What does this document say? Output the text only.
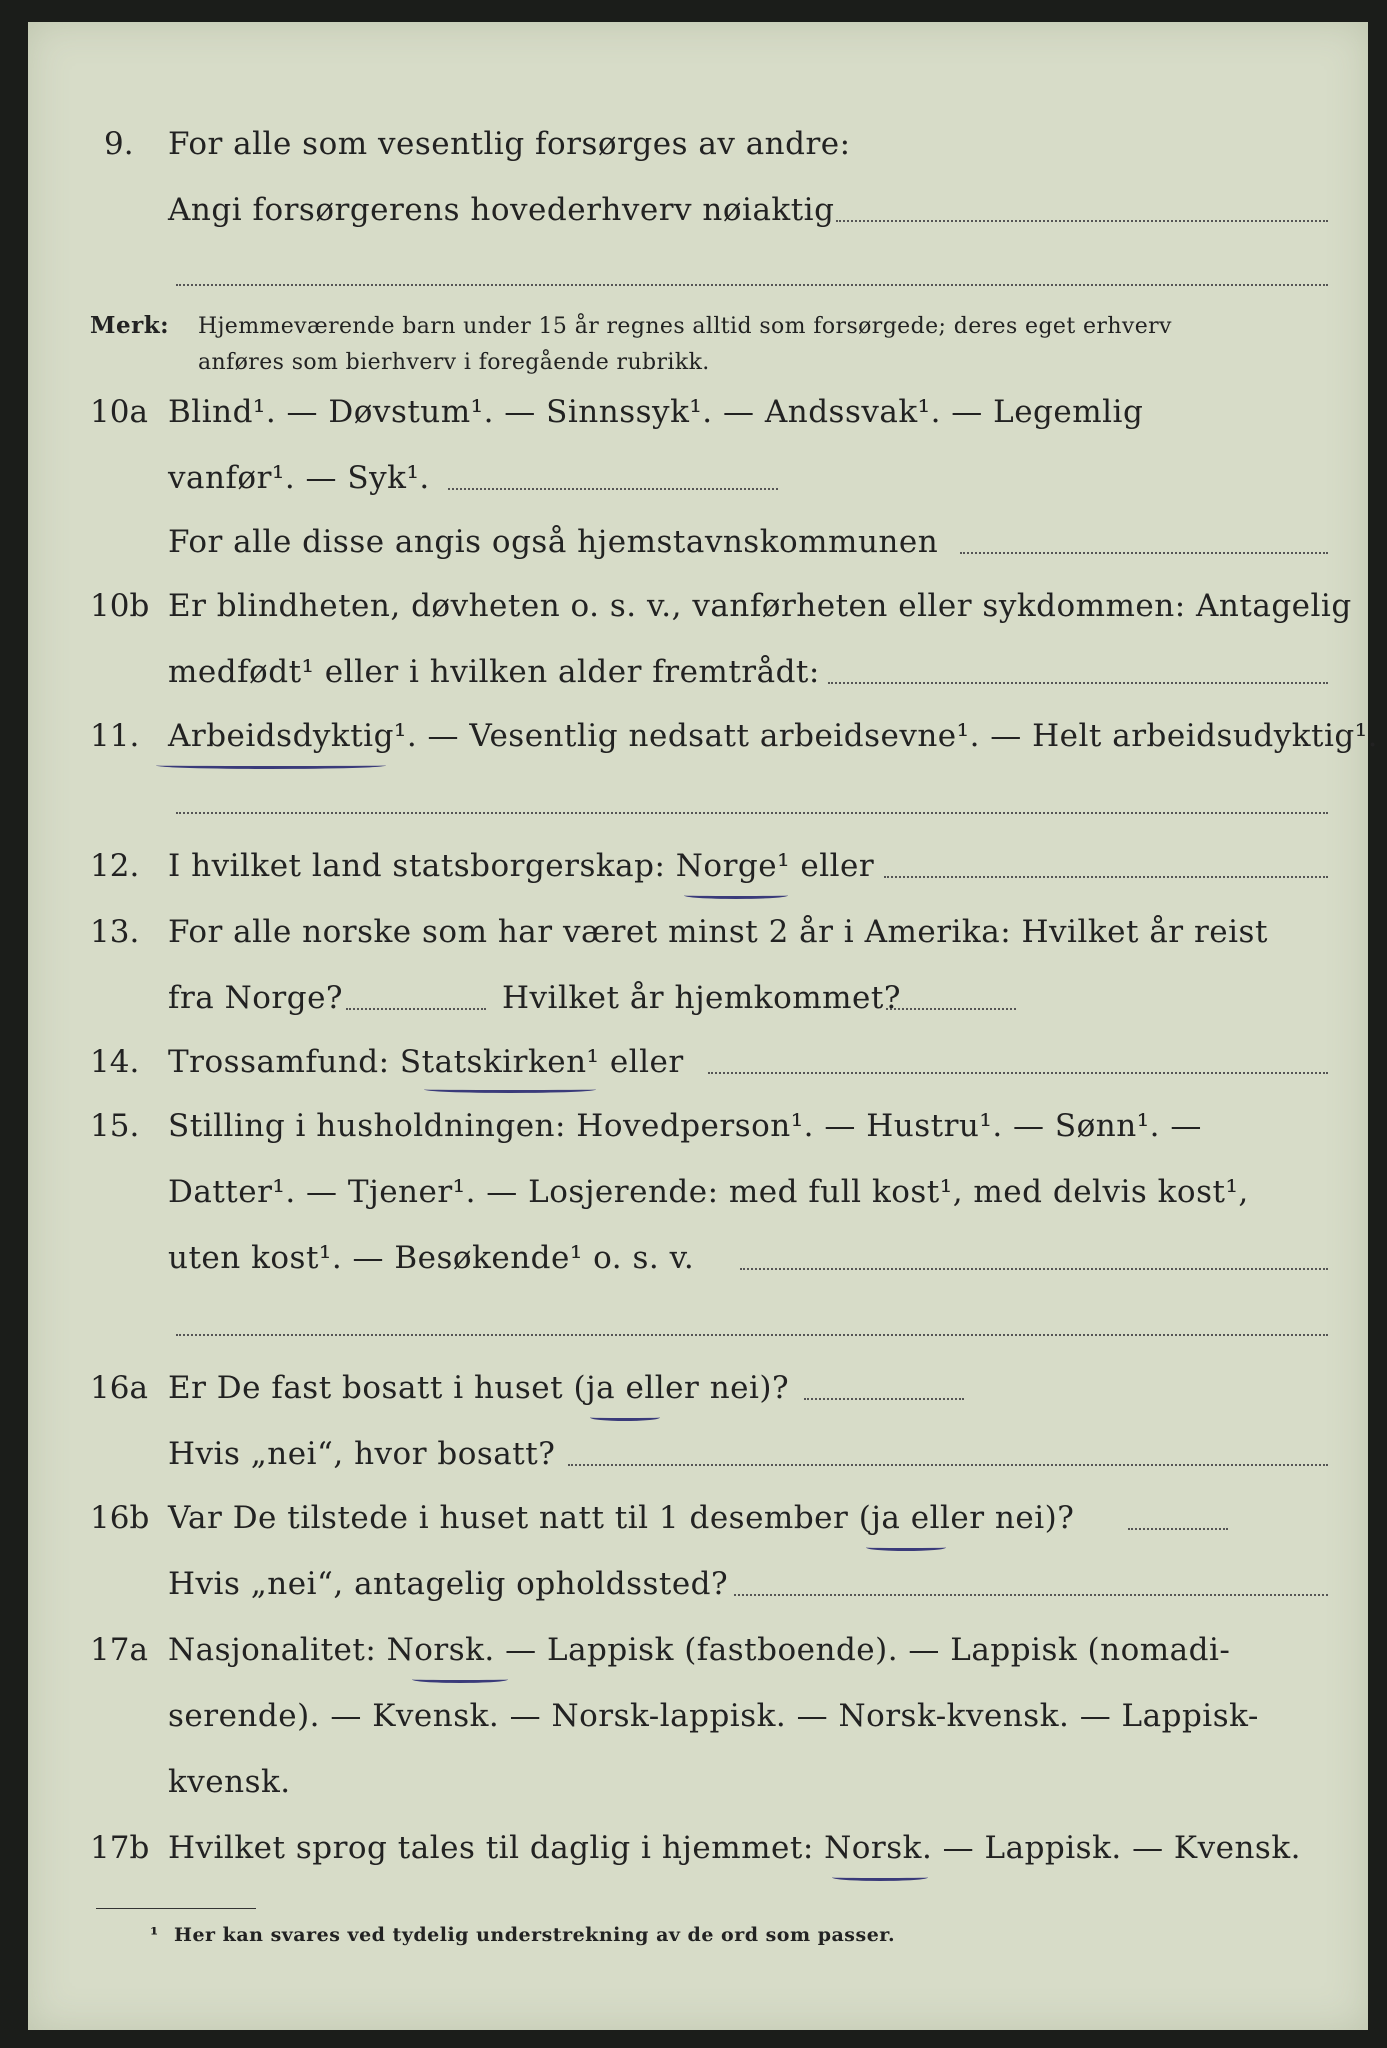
9. For alle som vesentlig forsørges av andre:
Angi forsørgerens hovederhverv nøiaktig
Merk: Hjemmeværende barn under 15 år regnes alltid som forsørgede; deres eget erhverv
anføres som bierhverv i foregående rubrikk.
10a Blind¹. — Døvstum¹. — Sinnssyk¹. — Andssvak¹. — Legemlig
vanfør¹. — Syk¹.
For alle disse angis også hjemstavnskommunen
10b Er blindheten, døvheten o. s. v., vanførheten eller sykdommen: Antagelig
medfødt¹ eller i hvilken alder fremtrådt:
11. Arbeidsdyktig¹. — Vesentlig nedsatt arbeidsevne¹. — Helt arbeidsudyktig¹.
12. I hvilket land statsborgerskap: Norge¹ eller
13. For alle norske som har været minst 2 år i Amerika: Hvilket år reist
fra Norge?	Hvilket år hjemkommet?
14. Trossamfund: Statskirken¹ eller
15. Stilling i husholdningen: Hovedperson¹. — Hustru¹. — Sønn¹. —
Datter¹. — Tjener¹. — Losjerende: med full kost¹, med delvis kost¹,
uten kost¹. — Besøkende¹ o. s. v.
16a Er De fast bosatt i huset (ja eller nei)?
Hvis „nei“, hvor bosatt?
16b Var De tilstede i huset natt til 1 desember (ja eller nei)?
Hvis „nei“, antagelig opholdssted?
17a Nasjonalitet: Norsk. — Lappisk (fastboende). — Lappisk (nomadi-
serende). — Kvensk. — Norsk-lappisk. — Norsk-kvensk. — Lappisk-
kvensk.
17b Hvilket sprog tales til daglig i hjemmet: Norsk. — Lappisk. — Kvensk.
¹ Her kan svares ved tydelig understrekning av de ord som passer.
